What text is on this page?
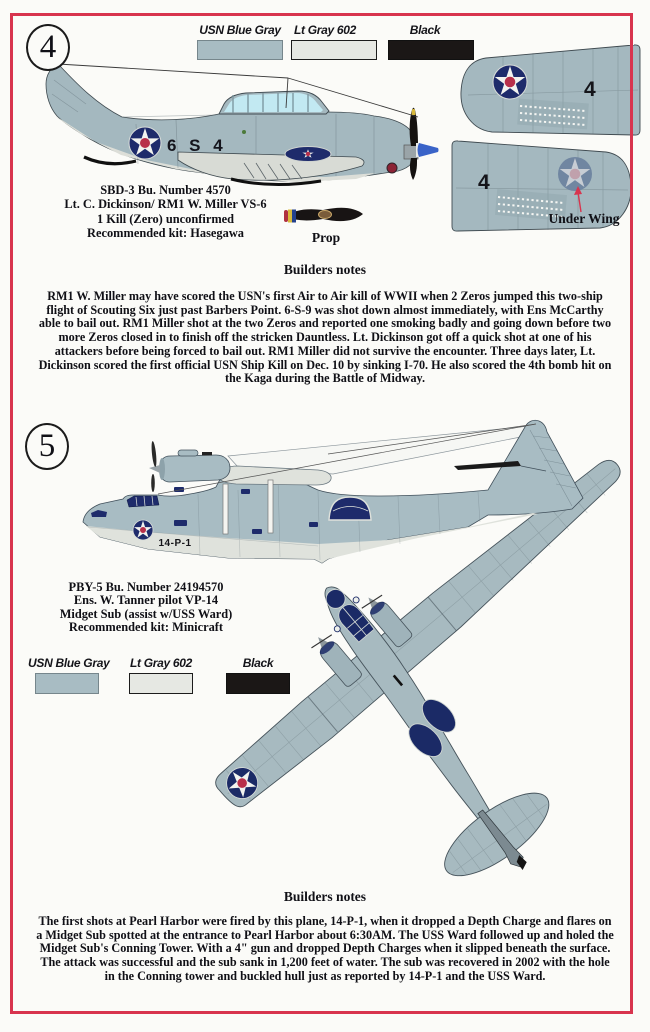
4	USN Blue Gray Lt Gray 602	Black
6 S 4
Prop
4
4
Under Wing
SBD-3 Bu. Number 4570
Lt. C. Dickinson/ RM1 W. Miller VS-6
1 Kill (Zero) unconfirmed
Recommended kit: Hasegawa
Builders notes
RM1 W. Miller may have scored the USN's first Air to Air kill of WWII when 2 Zeros jumped this two-ship flight of Scouting Six just past Barbers Point. 6-S-9 was shot down almost immediately, with Ens McCarthy able to bail out. RM1 Miller shot at the two Zeros and reported one smoking badly and going down before two more Zeros closed in to finish off the stricken Dauntless. Lt. Dickinson got off a quick shot at one of his attackers before being forced to bail out. RM1 Miller did not survive the encounter. Three days later, Lt. Dickinson scored the first official USN Ship Kill on Dec. 10 by sinking I-70. He also scored the 4th bomb hit on the Kaga during the Battle of Midway.
5
14-P-1
PBY-5 Bu. Number 24194570
Ens. W. Tanner pilot VP-14
Midget Sub (assist w/USS Ward)
Recommended kit: Minicraft
USN Blue Gray Lt Gray 602	Black
Builders notes
The first shots at Pearl Harbor were fired by this plane, 14-P-1, when it dropped a Depth Charge and flares on a Midget Sub spotted at the entrance to Pearl Harbor about 6:30AM. The USS Ward followed up and holed the Midget Sub's Conning Tower. With a 4" gun and dropped Depth Charges when it slipped beneath the surface. The attack was successful and the sub sank in 1,200 feet of water. The sub was recovered in 2002 with the hole in the Conning tower and buckled hull just as reported by 14-P-1 and the USS Ward.
